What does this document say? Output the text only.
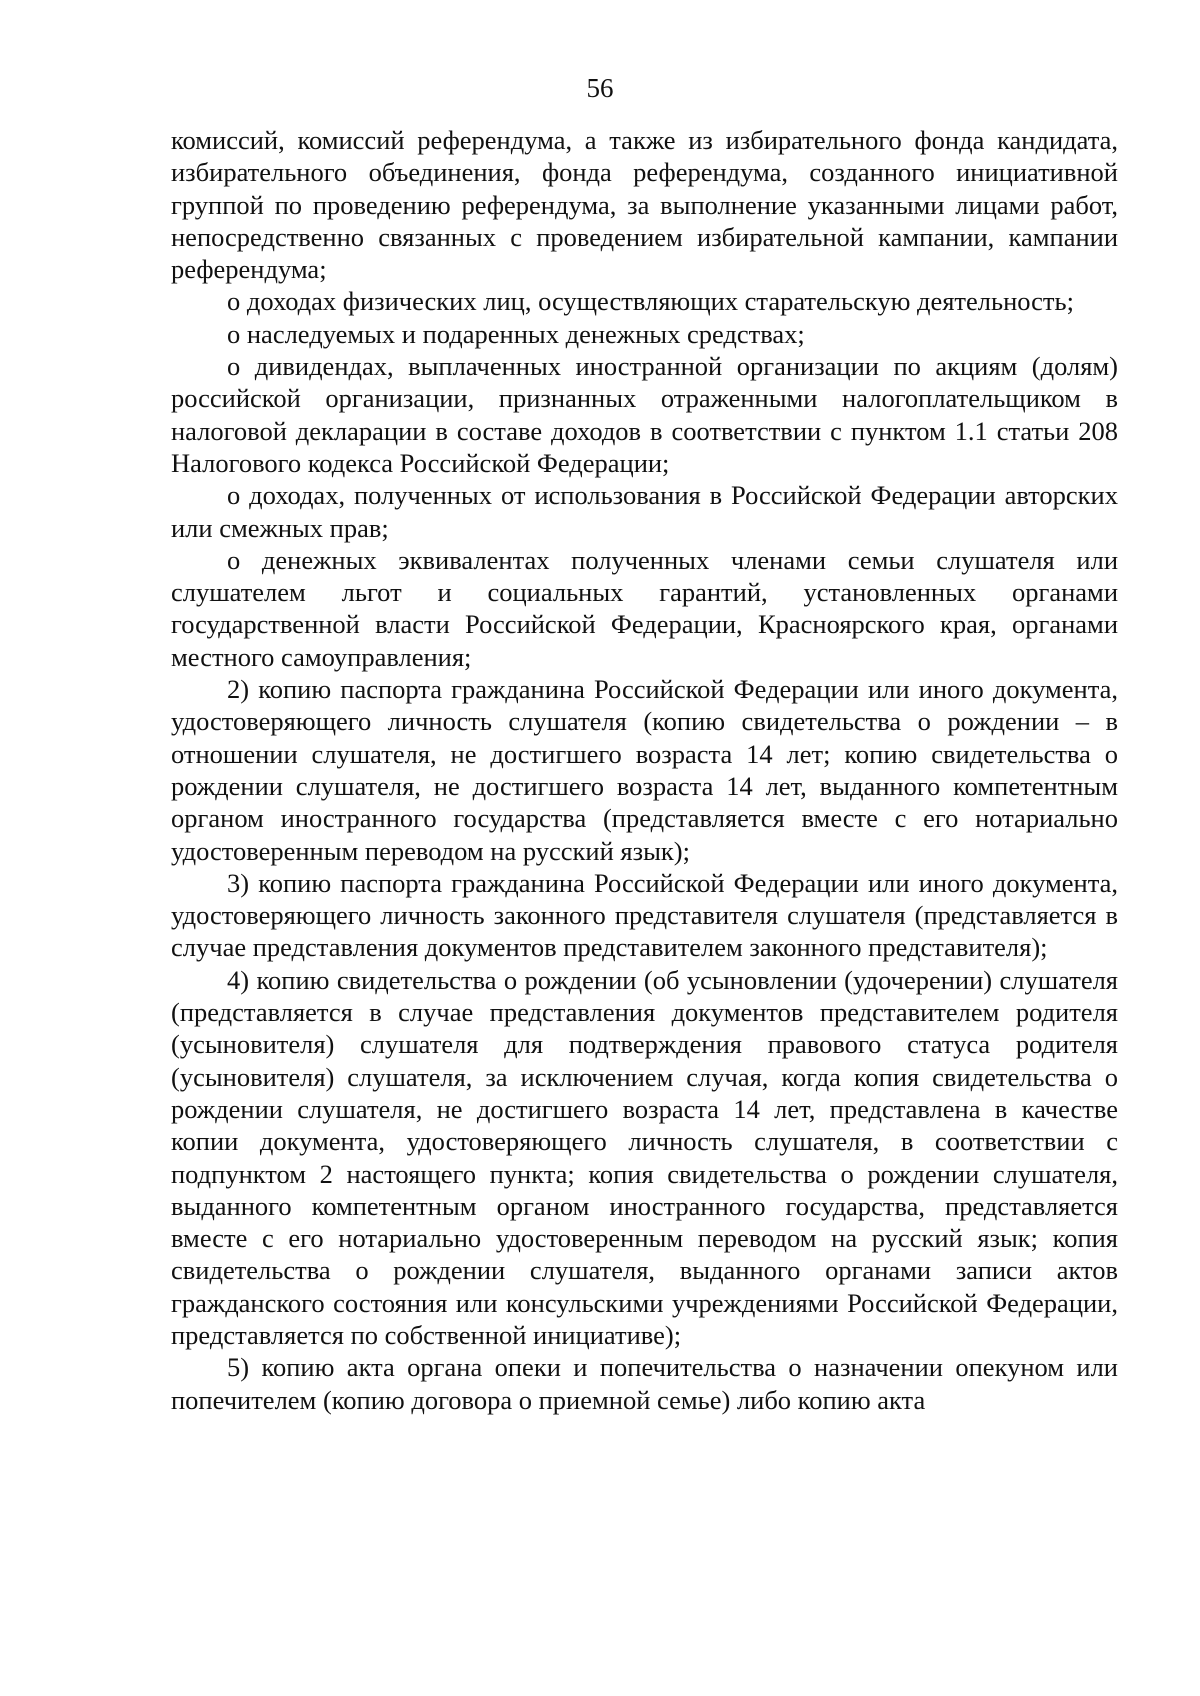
56

комиссий, комиссий референдума, а также из избирательного фонда кандидата, избирательного объединения, фонда референдума, созданного инициативной группой по проведению референдума, за выполнение указанными лицами работ, непосредственно связанных с проведением избирательной кампании, кампании референдума;

о доходах физических лиц, осуществляющих старательскую деятельность;

о наследуемых и подаренных денежных средствах;

о дивидендах, выплаченных иностранной организации по акциям (долям) российской организации, признанных отраженными налогоплательщиком в налоговой декларации в составе доходов в соответствии с пунктом 1.1 статьи 208 Налогового кодекса Российской Федерации;

о доходах, полученных от использования в Российской Федерации авторских или смежных прав;

о денежных эквивалентах полученных членами семьи слушателя или слушателем льгот и социальных гарантий, установленных органами государственной власти Российской Федерации, Красноярского края, органами местного самоуправления;

2) копию паспорта гражданина Российской Федерации или иного документа, удостоверяющего личность слушателя (копию свидетельства о рождении – в отношении слушателя, не достигшего возраста 14 лет; копию свидетельства о рождении слушателя, не достигшего возраста 14 лет, выданного компетентным органом иностранного государства (представляется вместе с его нотариально удостоверенным переводом на русский язык);

3) копию паспорта гражданина Российской Федерации или иного документа, удостоверяющего личность законного представителя слушателя (представляется в случае представления документов представителем законного представителя);

4) копию свидетельства о рождении (об усыновлении (удочерении) слушателя (представляется в случае представления документов представителем родителя (усыновителя) слушателя для подтверждения правового статуса родителя (усыновителя) слушателя, за исключением случая, когда копия свидетельства о рождении слушателя, не достигшего возраста 14 лет, представлена в качестве копии документа, удостоверяющего личность слушателя, в соответствии с подпунктом 2 настоящего пункта; копия свидетельства о рождении слушателя, выданного компетентным органом иностранного государства, представляется вместе с его нотариально удостоверенным переводом на русский язык; копия свидетельства о рождении слушателя, выданного органами записи актов гражданского состояния или консульскими учреждениями Российской Федерации, представляется по собственной инициативе);

5) копию акта органа опеки и попечительства о назначении опекуном или попечителем (копию договора о приемной семье) либо копию акта
